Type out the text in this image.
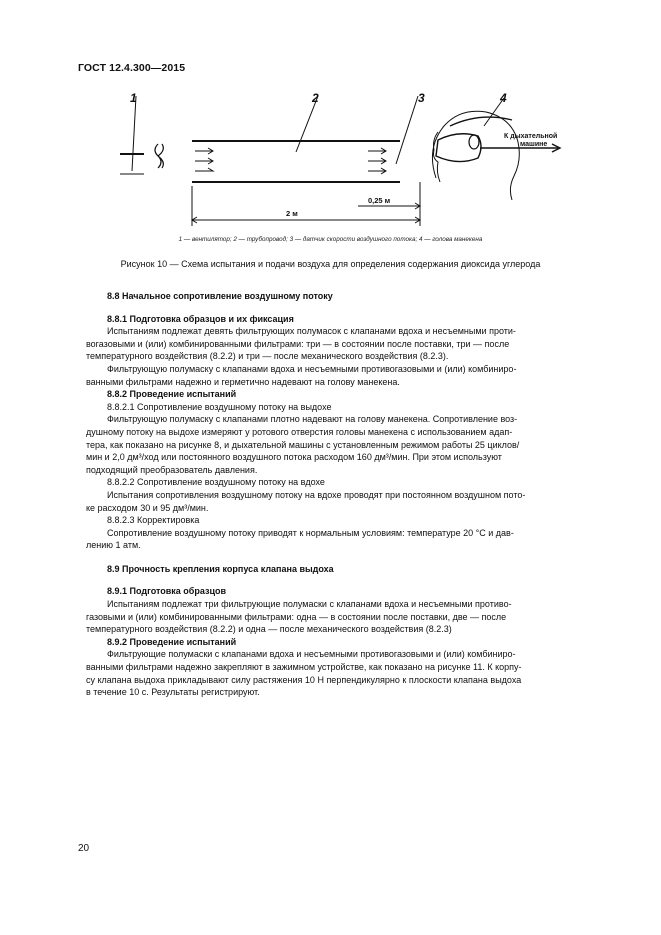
ГОСТ 12.4.300—2015
1	2	3	4
2 м
0,25 м
К дыхательной
машине
1 — вентилятор; 2 — трубопровод; 3 — датчик скорости воздушного потока; 4 — голова манекена
Рисунок 10 — Схема испытания и подачи воздуха для определения содержания диоксида углерода

8.8 Начальное сопротивление воздушному потоку

8.8.1 Подготовка образцов и их фиксация

Испытаниям подлежат девять фильтрующих полумасок с клапанами вдоха и несъемными проти-

вогазовыми и (или) комбинированными фильтрами: три — в состоянии после поставки, три — после

температурного воздействия (8.2.2) и три — после механического воздействия (8.2.3).

Фильтрующую полумаску с клапанами вдоха и несъемными противогазовыми и (или) комбиниро-

ванными фильтрами надежно и герметично надевают на голову манекена.

8.8.2 Проведение испытаний

8.8.2.1 Сопротивление воздушному потоку на выдохе

Фильтрующую полумаску с клапанами плотно надевают на голову манекена. Сопротивление воз-

душному потоку на выдохе измеряют у ротового отверстия головы манекена с использованием адап-

тера, как показано на рисунке 8, и дыхательной машины с установленным режимом работы 25 циклов/

мин и 2,0 дм³/ход или постоянного воздушного потока расходом 160 дм³/мин. При этом используют

подходящий преобразователь давления.

8.8.2.2 Сопротивление воздушному потоку на вдохе

Испытания сопротивления воздушному потоку на вдохе проводят при постоянном воздушном пото-

ке расходом 30 и 95 дм³/мин.

8.8.2.3 Корректировка

Сопротивление воздушному потоку приводят к нормальным условиям: температуре 20 °С и дав-

лению 1 атм.

8.9 Прочность крепления корпуса клапана выдоха

8.9.1 Подготовка образцов

Испытаниям подлежат три фильтрующие полумаски с клапанами вдоха и несъемными противо-

газовыми и (или) комбинированными фильтрами: одна — в состоянии после поставки, две — после

температурного воздействия (8.2.2) и одна — после механического воздействия (8.2.3)

8.9.2 Проведение испытаний

Фильтрующие полумаски с клапанами вдоха и несъемными противогазовыми и (или) комбиниро-

ванными фильтрами надежно закрепляют в зажимном устройстве, как показано на рисунке 11. К корпу-

су клапана выдоха прикладывают силу растяжения 10 Н перпендикулярно к плоскости клапана выдоха

в течение 10 с. Результаты регистрируют.

20
